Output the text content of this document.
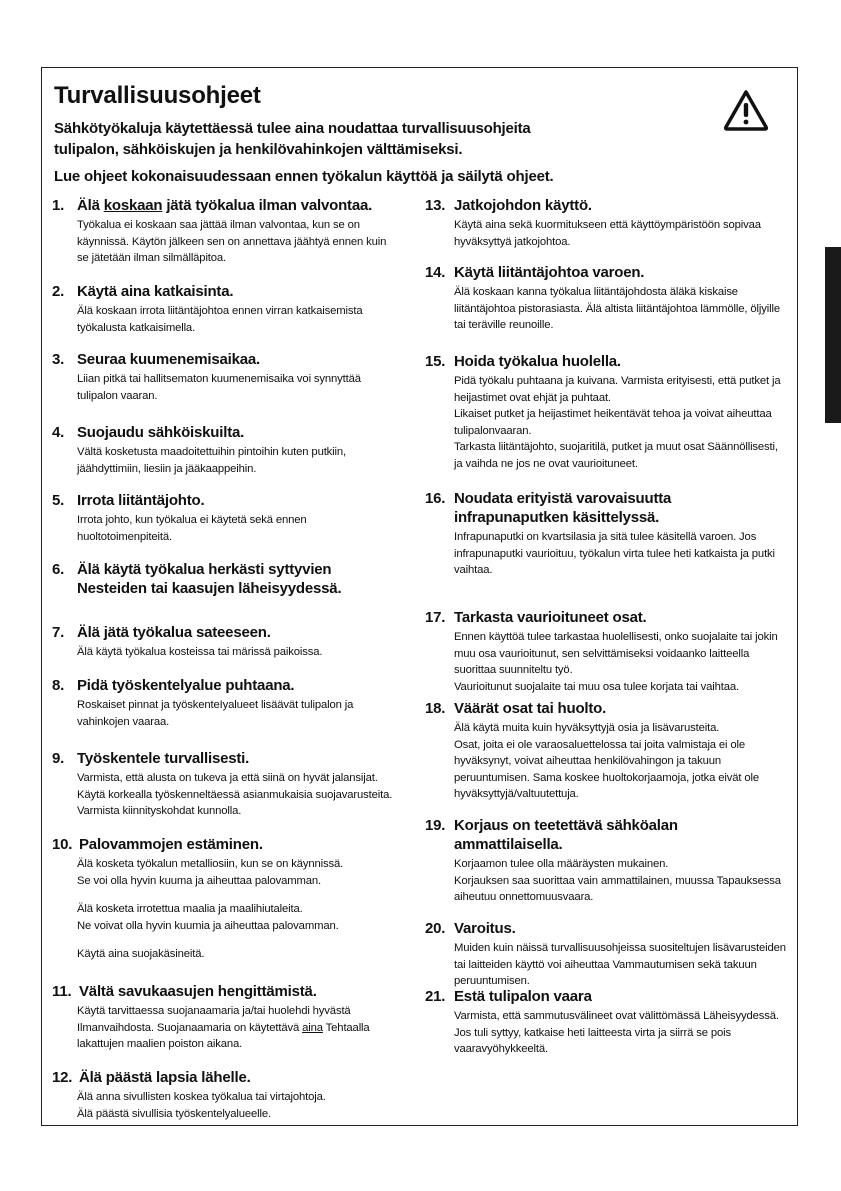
Turvallisuusohjeet

Sähkötyökaluja käytettäessä tulee aina noudattaa turvallisuusohjeita
tulipalon, sähköiskujen ja henkilövahinkojen välttämiseksi.

Lue ohjeet kokonaisuudessaan ennen työkalun käyttöä ja säilytä ohjeet.

1. Älä koskaan jätä työkalua ilman valvontaa.
Työkalua ei koskaan saa jättää ilman valvontaa, kun se on käynnissä. Käytön jälkeen sen on annettava jäähtyä ennen kuin se jätetään ilman silmälläpitoa.
2. Käytä aina katkaisinta.
Älä koskaan irrota liitäntäjohtoa ennen virran katkaisemista työkalusta katkaisimella.
3. Seuraa kuumenemisaikaa.
Liian pitkä tai hallitsematon kuumenemisaika voi synnyttää tulipalon vaaran.
4. Suojaudu sähköiskuilta.
Vältä kosketusta maadoitettuihin pintoihin kuten putkiin, jäähdyttimiin, liesiin ja jääkaappeihin.
5. Irrota liitäntäjohto.
Irrota johto, kun työkalua ei käytetä sekä ennen huoltotoimenpiteitä.
6. Älä käytä työkalua herkästi syttyvien Nesteiden tai kaasujen läheisyydessä.
7. Älä jätä työkalua sateeseen.
Älä käytä työkalua kosteissa tai märissä paikoissa.
8. Pidä työskentelyalue puhtaana.
Roskaiset pinnat ja työskenteIyalueet lisäävät tulipalon ja vahinkojen vaaraa.
9. Työskentele turvallisesti.
Varmista, että alusta on tukeva ja että siinä on hyvät jalansijat. Käytä korkealla työskenneltäessä asianmukaisia suojavarusteita. Varmista kiinnityskohdat kunnolla.
10. Palovammojen estäminen.
Älä kosketa työkalun metalliosiin, kun se on käynnissä.
Se voi olla hyvin kuuma ja aiheuttaa palovamman.
Älä kosketa irrotettua maalia ja maalihiutaleita.
Ne voivat olla hyvin kuumia ja aiheuttaa palovamman.
Käytä aina suojakäsineitä.
11. Vältä savukaasujen hengittämistä.
Käytä tarvittaessa suojanaamaria ja/tai huolehdi hyvästä Ilmanvaihdosta. Suojanaamaria on käytettävä aina Tehtaalla lakattujen maalien poiston aikana.
12. Älä päästä lapsia lähelle.
Älä anna sivullisten koskea työkalua tai virtajohtoja.
Älä päästä sivullisia työskentelyalueelle.
13. Jatkojohdon käyttö.
Käytä aina sekä kuormitukseen että käyttöympäristöön sopivaa hyväksyttyä jatkojohtoa.
14. Käytä liitäntäjohtoa varoen.
Älä koskaan kanna työkalua liitäntäjohdosta äläkä kiskaise liitäntäjohtoa pistorasiasta. Älä altista liitäntäjohtoa lämmölle, öljyille tai teräville reunoille.
15. Hoida työkalua huolella.
Pidä työkalu puhtaana ja kuivana. Varmista erityisesti, että putket ja heijastimet ovat ehjät ja puhtaat.
Likaiset putket ja heijastimet heikentävät tehoa ja voivat aiheuttaa tulipalonvaaran.
Tarkasta liitäntäjohto, suojaritilä, putket ja muut osat Säännöllisesti, ja vaihda ne jos ne ovat vaurioituneet.
16. Noudata erityistä varovaisuutta infrapunaputken käsittelyssä.
Infrapunaputki on kvartsilasia ja sitä tulee käsitellä varoen. Jos infrapunaputki vaurioituu, työkalun virta tulee heti katkaista ja putki vaihtaa.
17. Tarkasta vaurioituneet osat.
Ennen käyttöä tulee tarkastaa huolellisesti, onko suojalaite tai jokin muu osa vaurioitunut, sen selvittämiseksi voidaanko laitteella suorittaa suunniteltu työ.
Vaurioitunut suojalaite tai muu osa tulee korjata tai vaihtaa.
18. Väärät osat tai huolto.
Älä käytä muita kuin hyväksyttyjä osia ja lisävarusteita.
Osat, joita ei ole varaosaluettelossa tai joita valmistaja ei ole hyväksynyt, voivat aiheuttaa henkilövahingon ja takuun peruuntumisen. Sama koskee huoltokorjaamoja, jotka eivät ole hyväksyttyjä/valtuutettuja.
19. Korjaus on teetettävä sähköalan ammattilaisella.
Korjaamon tulee olla määräysten mukainen.
Korjauksen saa suorittaa vain ammattilainen, muussa Tapauksessa aiheutuu onnettomuusvaara.
20. Varoitus.
Muiden kuin näissä turvallisuusohjeissa suositeltujen lisävarusteiden tai laitteiden käyttö voi aiheuttaa Vammautumisen sekä takuun peruuntumisen.
21. Estä tulipalon vaara
Varmista, että sammutusvälineet ovat välittömässä Läheisyydessä. Jos tuli syttyy, katkaise heti laitteesta virta ja siirrä se pois vaaravyöhykkeeltä.
